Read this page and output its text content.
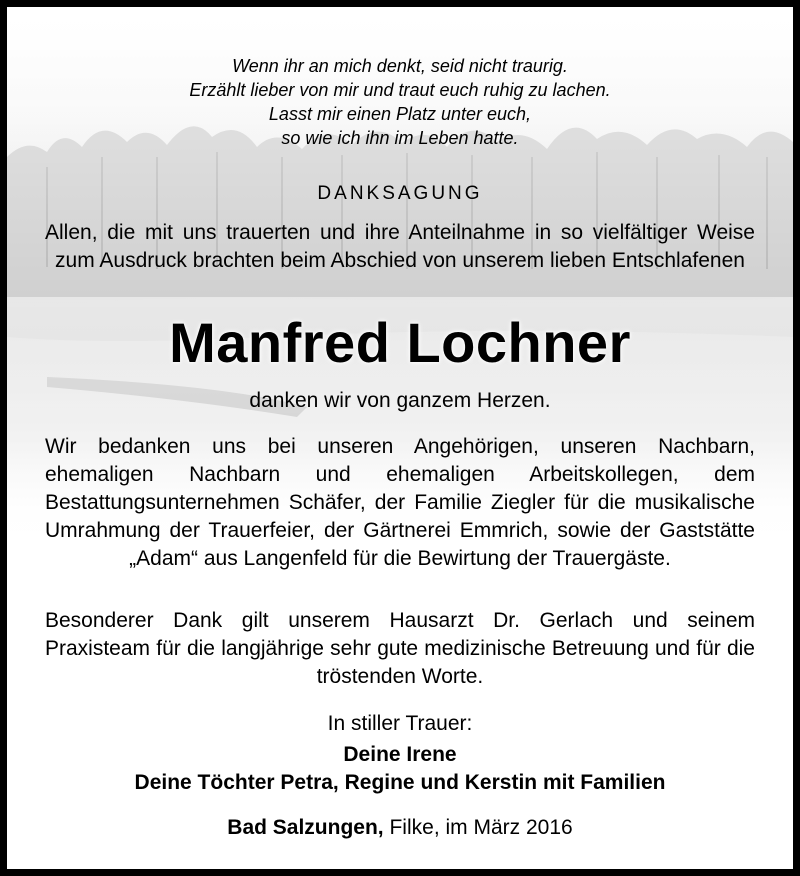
Wenn ihr an mich denkt, seid nicht traurig.
Erzählt lieber von mir und traut euch ruhig zu lachen.
Lasst mir einen Platz unter euch,
so wie ich ihn im Leben hatte.
DANKSAGUNG
Allen, die mit uns trauerten und ihre Anteilnahme in so vielfältiger Weise zum Ausdruck brachten beim Abschied von unserem lieben Entschlafenen
Manfred Lochner
danken wir von ganzem Herzen.
Wir bedanken uns bei unseren Angehörigen, unseren Nachbarn, ehemaligen Nachbarn und ehemaligen Arbeitskollegen, dem Bestattungsunternehmen Schäfer, der Familie Ziegler für die musikalische Umrahmung der Trauerfeier, der Gärtnerei Emmrich, sowie der Gaststätte „Adam“ aus Langenfeld für die Bewirtung der Trauergäste.
Besonderer Dank gilt unserem Hausarzt Dr. Gerlach und seinem Praxisteam für die langjährige sehr gute medizinische Betreuung und für die tröstenden Worte.
In stiller Trauer:
Deine Irene
Deine Töchter Petra, Regine und Kerstin mit Familien
Bad Salzungen, Filke, im März 2016
